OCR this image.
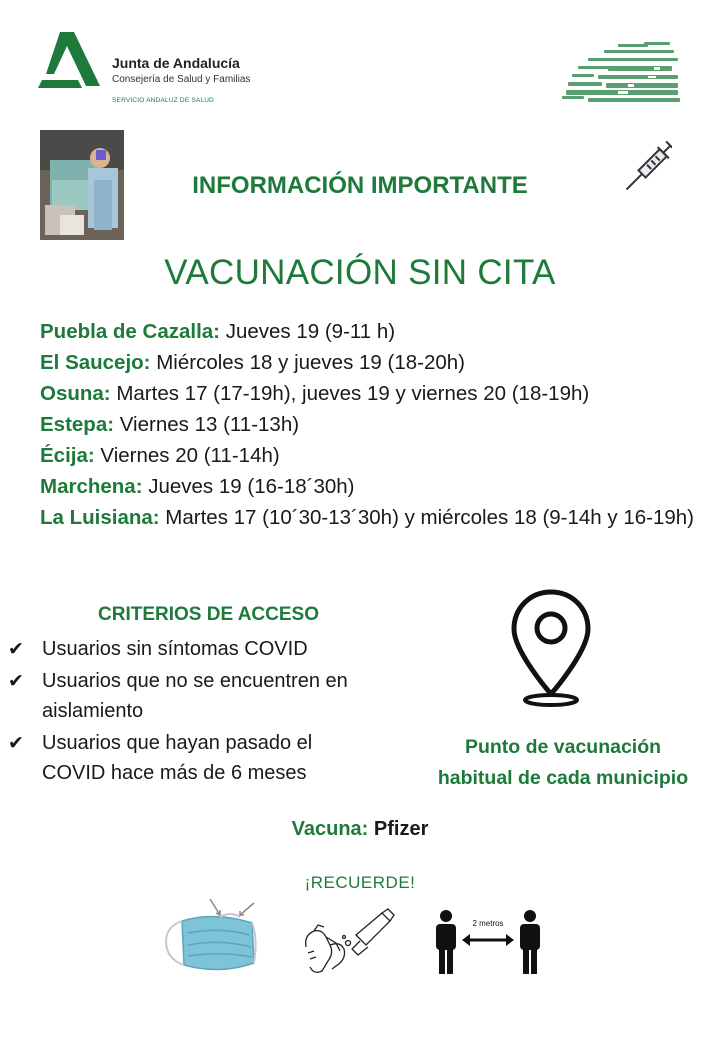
Junta de Andalucía
Consejería de Salud y Familias
SERVICIO ANDALUZ DE SALUD
INFORMACIÓN IMPORTANTE
VACUNACIÓN SIN CITA
Puebla de Cazalla: Jueves 19 (9-11 h)
El Saucejo: Miércoles 18 y jueves 19 (18-20h)
Osuna: Martes 17 (17-19h), jueves 19 y viernes 20 (18-19h)
Estepa: Viernes 13 (11-13h)
Écija: Viernes 20 (11-14h)
Marchena: Jueves 19 (16-18´30h)
La Luisiana: Martes 17 (10´30-13´30h) y miércoles 18 (9-14h y 16-19h)
CRITERIOS DE ACCESO
✔ Usuarios sin síntomas COVID
✔ Usuarios que no se encuentren en aislamiento
✔ Usuarios que hayan pasado el COVID hace más de 6 meses
Punto de vacunación
habitual de cada municipio
Vacuna: Pfizer
¡RECUERDE!
2 metros
